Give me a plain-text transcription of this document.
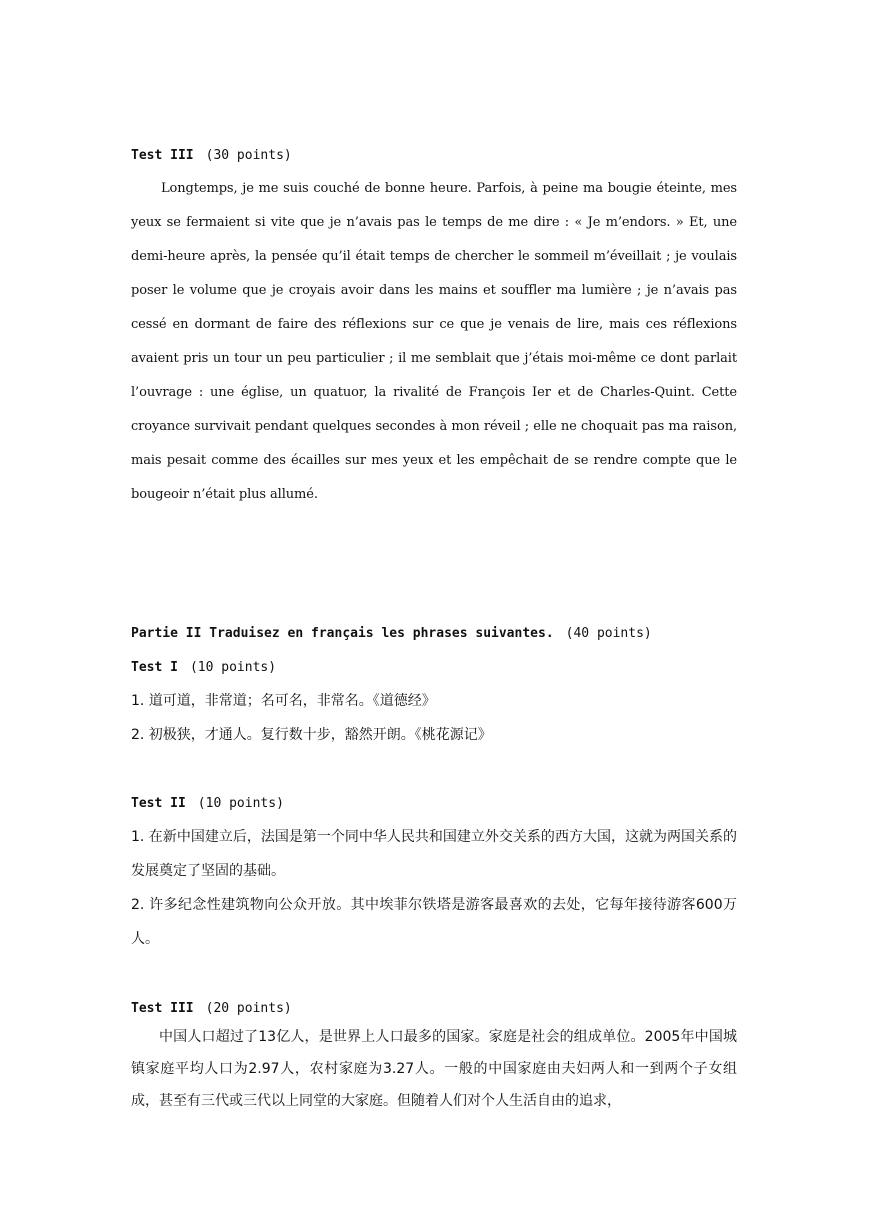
Test III (30 points)
Longtemps, je me suis couché de bonne heure. Parfois, à peine ma bougie éteinte, mes yeux se fermaient si vite que je n’avais pas le temps de me dire : « Je m’endors. » Et, une demi-heure après, la pensée qu’il était temps de chercher le sommeil m’éveillait ; je voulais poser le volume que je croyais avoir dans les mains et souffler ma lumière ; je n’avais pas cessé en dormant de faire des réflexions sur ce que je venais de lire, mais ces réflexions avaient pris un tour un peu particulier ; il me semblait que j’étais moi-même ce dont parlait l’ouvrage : une église, un quatuor, la rivalité de François Ier et de Charles-Quint. Cette croyance survivait pendant quelques secondes à mon réveil ; elle ne choquait pas ma raison, mais pesait comme des écailles sur mes yeux et les empêchait de se rendre compte que le bougeoir n’était plus allumé.
Partie II Traduisez en français les phrases suivantes. (40 points)
Test I (10 points)
1. 道可道，非常道；名可名，非常名。《道德经》
2. 初极狭，才通人。复行数十步，豁然开朗。《桃花源记》
Test II (10 points)
1. 在新中国建立后，法国是第一个同中华人民共和国建立外交关系的西方大国，这就为两国关系的发展奠定了坚固的基础。
2. 许多纪念性建筑物向公众开放。其中埃菲尔铁塔是游客最喜欢的去处，它每年接待游客600万人。
Test III (20 points)
中国人口超过了13亿人，是世界上人口最多的国家。家庭是社会的组成单位。2005年中国城镇家庭平均人口为2.97人，农村家庭为3.27人。一般的中国家庭由夫妇两人和一到两个子女组成，甚至有三代或三代以上同堂的大家庭。但随着人们对个人生活自由的追求，
